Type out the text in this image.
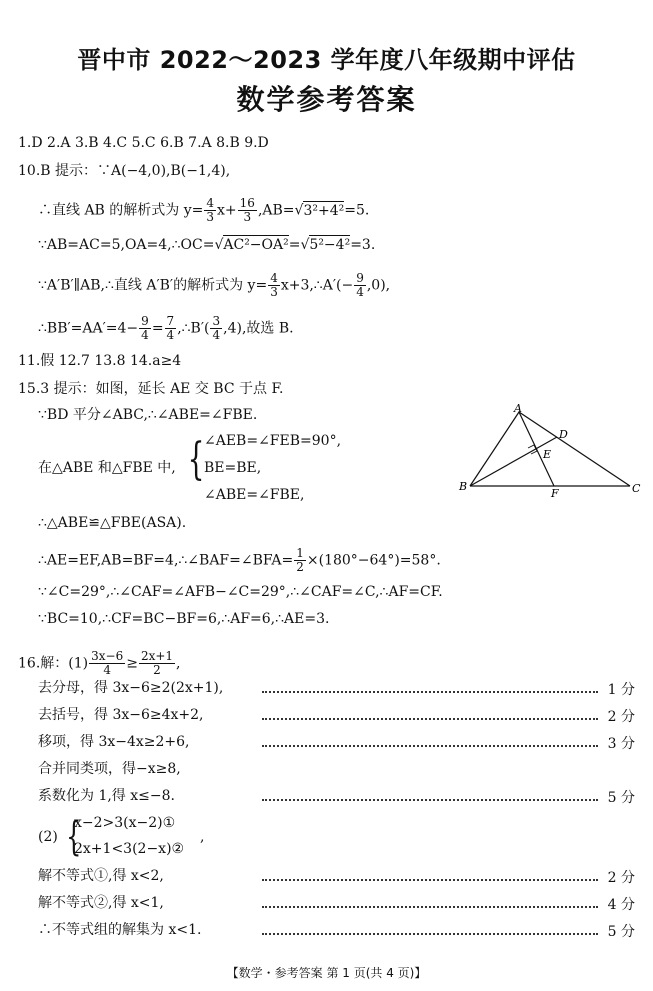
晋中市 2022～2023 学年度八年级期中评估
数学参考答案
1.D 2.A 3.B 4.C 5.C 6.B 7.A 8.B 9.D
10.B 提示：∵A(−4,0),B(−1,4),
∴直线 AB 的解析式为 $y= \frac{4}{3} x+ \frac{16}{3} ,AB=√3^2+4^2=5$.
∵AB=AC=5,OA=4,∴OC=√AC²−OA²=√5²−4²=3.
∵A′B′∥AB,∴直线 A′B′的解析式为 $y= \frac{4}{3}$ x+3,∴A′(− $\frac{9}{4} ,0$),
∴BB′=AA′=4− $\frac{9}{4} = \frac{7}{4}$ ,∴B′( $\frac{3}{4} ,4$),故选 B.
11.假 12.7 13.8 14.a≥4
15.3 提示：如图，延长 AE 交 BC 于点 F.
∵BD 平分∠ABC,∴∠ABE=∠FBE.
在△ABE 和△FBE 中, { ∠AEB=∠FEB=90°,
BE=BE,
∠ABE=∠FBE,
∴△ABE≌△FBE(ASA).
∴AE=EF,AB=BF=4,∴∠BAF=∠BFA= $\frac{1}{2} \times(180^\circ-64^\circ)=58^\circ$.
∵∠C=29°,∴∠CAF=∠AFB−∠C=29°,∴∠CAF=∠C,∴AF=CF.
∵BC=10,∴CF=BC−BF=6,∴AF=6,∴AE=3.
A
B	C
D
E
F
16.解：$(1) \frac{3x-6}{4} \ge \frac{2x+1}{2}$ ,
去分母，得 3x−6≥2(2x+1),	1 分
去括号，得 3x−6≥4x+2,	2 分
移项，得 3x−4x≥2+6,	3 分
合并同类项，得−x≥8,
系数化为 1,得 x≤−8.	5 分
(2) {
x−2>3(x−2)①
2x+1<3(2−x)②
,
解不等式①,得 x<2,	2 分
解不等式②,得 x<1,	4 分
∴不等式组的解集为 x<1.	5 分
【数学・参考答案 第 1 页(共 4 页)】
